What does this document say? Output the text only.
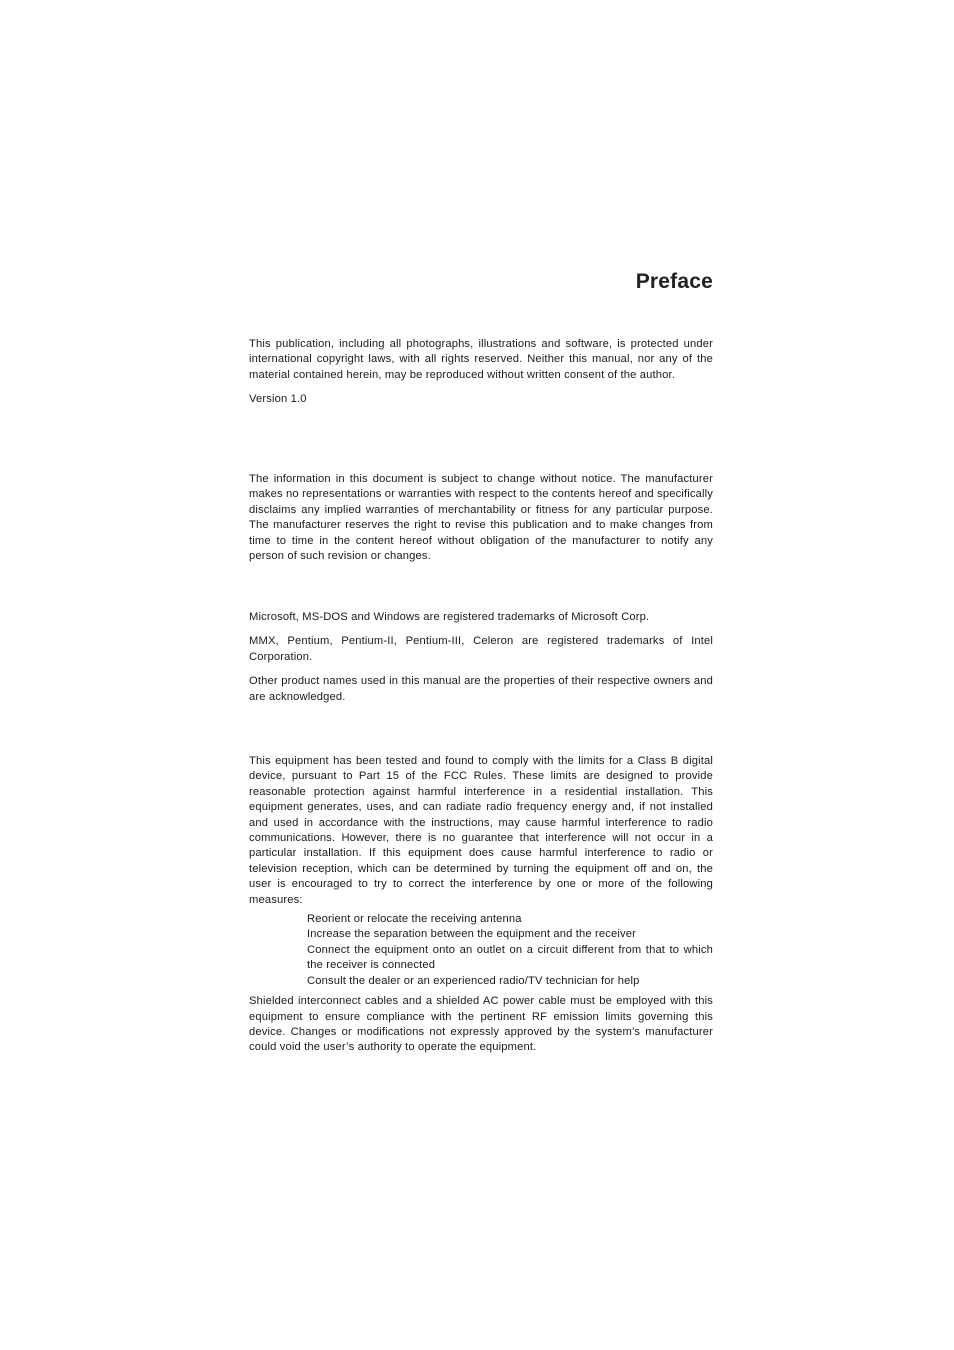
Preface

This publication, including all photographs, illustrations and software, is protected under international copyright laws, with all rights reserved. Neither this manual, nor any of the material contained herein, may be reproduced without written consent of the author.

Version 1.0

The information in this document is subject to change without notice. The manufacturer makes no representations or warranties with respect to the contents hereof and specifically disclaims any implied warranties of merchantability or fitness for any particular purpose. The manufacturer reserves the right to revise this publication and to make changes from time to time in the content hereof without obligation of the manufacturer to notify any person of such revision or changes.

Microsoft, MS-DOS and Windows are registered trademarks of Microsoft Corp.

MMX, Pentium, Pentium-II, Pentium-III, Celeron are registered trademarks of Intel Corporation.

Other product names used in this manual are the properties of their respective owners and are acknowledged.

This equipment has been tested and found to comply with the limits for a Class B digital device, pursuant to Part 15 of the FCC Rules. These limits are designed to provide reasonable protection against harmful interference in a residential installation. This equipment generates, uses, and can radiate radio frequency energy and, if not installed and used in accordance with the instructions, may cause harmful interference to radio communications. However, there is no guarantee that interference will not occur in a particular installation. If this equipment does cause harmful interference to radio or television reception, which can be determined by turning the equipment off and on, the user is encouraged to try to correct the interference by one or more of the following measures:

Reorient or relocate the receiving antenna
Increase the separation between the equipment and the receiver
Connect the equipment onto an outlet on a circuit different from that to which the receiver is connected
Consult the dealer or an experienced radio/TV technician for help

Shielded interconnect cables and a shielded AC power cable must be employed with this equipment to ensure compliance with the pertinent RF emission limits governing this device. Changes or modifications not expressly approved by the system’s manufacturer could void the user’s authority to operate the equipment.
